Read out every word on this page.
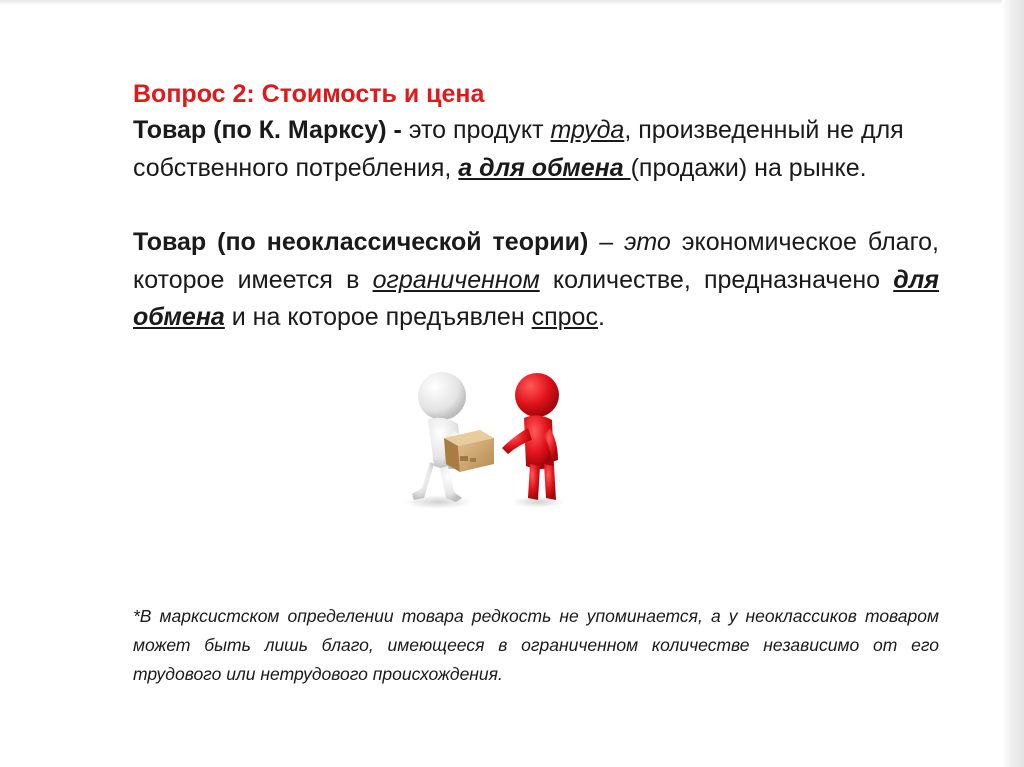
Вопрос 2: Стоимость и цена

Товар (по К. Марксу) - это продукт труда, произведенный не для собственного потребления, а для обмена (продажи) на рынке.

Товар (по неоклассической теории) – это экономическое благо, которое имеется в ограниченном количестве, предназначено для обмена и на которое предъявлен спрос.

*В марксистском определении товара редкость не упоминается, а у неоклассиков товаром может быть лишь благо, имеющееся в ограниченном количестве независимо от его трудового или нетрудового происхождения.
